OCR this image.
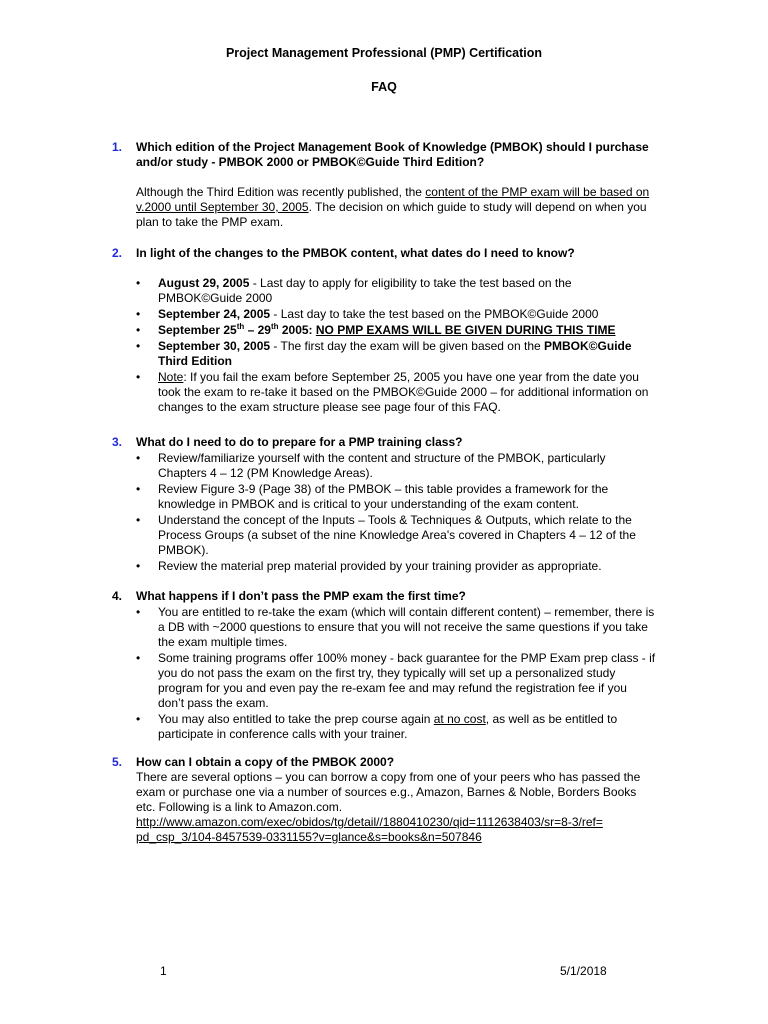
Project Management Professional (PMP) Certification
FAQ
1. Which edition of the Project Management Book of Knowledge (PMBOK) should I purchase and/or study - PMBOK 2000 or PMBOK©Guide Third Edition?
Although the Third Edition was recently published, the content of the PMP exam will be based on v.2000 until September 30, 2005. The decision on which guide to study will depend on when you plan to take the PMP exam.
2. In light of the changes to the PMBOK content, what dates do I need to know?
• August 29, 2005 - Last day to apply for eligibility to take the test based on the PMBOK©Guide 2000
• September 24, 2005 - Last day to take the test based on the PMBOK©Guide 2000
• September 25th – 29th 2005: NO PMP EXAMS WILL BE GIVEN DURING THIS TIME
• September 30, 2005 - The first day the exam will be given based on the PMBOK©Guide Third Edition
• Note: If you fail the exam before September 25, 2005 you have one year from the date you took the exam to re-take it based on the PMBOK©Guide 2000 – for additional information on changes to the exam structure please see page four of this FAQ.
3. What do I need to do to prepare for a PMP training class?
• Review/familiarize yourself with the content and structure of the PMBOK, particularly Chapters 4 – 12 (PM Knowledge Areas).
• Review Figure 3-9 (Page 38) of the PMBOK – this table provides a framework for the knowledge in PMBOK and is critical to your understanding of the exam content.
• Understand the concept of the Inputs – Tools & Techniques & Outputs, which relate to the Process Groups (a subset of the nine Knowledge Area's covered in Chapters 4 – 12 of the PMBOK).
• Review the material prep material provided by your training provider as appropriate.
4. What happens if I don’t pass the PMP exam the first time?
• You are entitled to re-take the exam (which will contain different content) – remember, there is a DB with ~2000 questions to ensure that you will not receive the same questions if you take the exam multiple times.
• Some training programs offer 100% money - back guarantee for the PMP Exam prep class - if you do not pass the exam on the first try, they typically will set up a personalized study program for you and even pay the re-exam fee and may refund the registration fee if you don’t pass the exam.
• You may also entitled to take the prep course again at no cost, as well as be entitled to participate in conference calls with your trainer.
5. How can I obtain a copy of the PMBOK 2000?
There are several options – you can borrow a copy from one of your peers who has passed the exam or purchase one via a number of sources e.g., Amazon, Barnes & Noble, Borders Books etc. Following is a link to Amazon.com.
http://www.amazon.com/exec/obidos/tg/detail//1880410230/qid=1112638403/sr=8-3/ref=pd_csp_3/104-8457539-0331155?v=glance&s=books&n=507846
1	5/1/2018
